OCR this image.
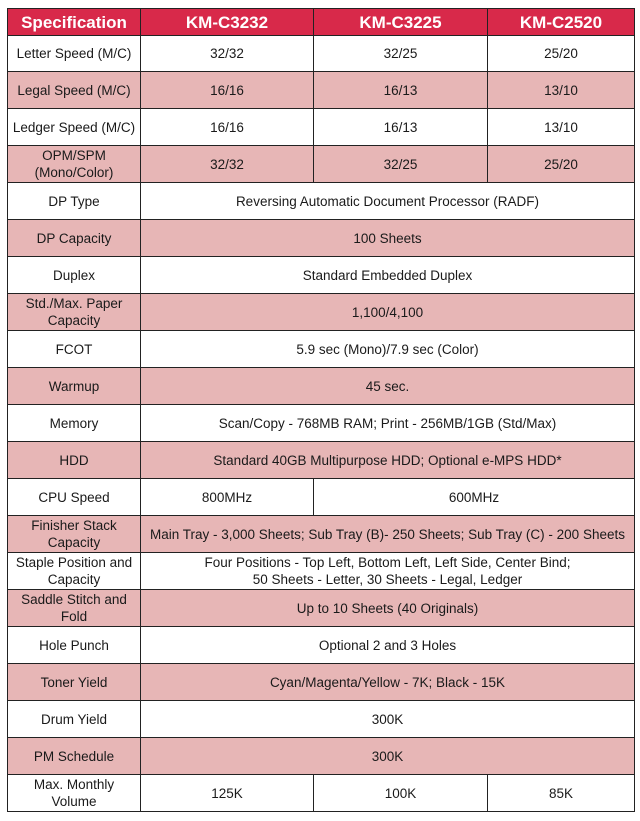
Specification	KM-C3232	KM-C3225	KM-C2520
Letter Speed (M/C)	32/32	32/25	25/20
Legal Speed (M/C)	16/16	16/13	13/10
Ledger Speed (M/C)	16/16	16/13	13/10
OPM/SPM (Mono/Color)	32/32	32/25	25/20
DP Type	Reversing Automatic Document Processor (RADF)		
DP Capacity	100 Sheets		
Duplex	Standard Embedded Duplex		
Std./Max. Paper Capacity	1,100/4,100		
FCOT	5.9 sec (Mono)/7.9 sec (Color)		
Warmup	45 sec.		
Memory	Scan/Copy - 768MB RAM; Print - 256MB/1GB (Std/Max)		
HDD	Standard 40GB Multipurpose HDD; Optional e-MPS HDD*		
CPU Speed	800MHz	600MHz	
Finisher Stack Capacity	Main Tray - 3,000 Sheets; Sub Tray (B)- 250 Sheets; Sub Tray (C) - 200 Sheets		
Staple Position and Capacity	Four Positions - Top Left, Bottom Left, Left Side, Center Bind;
50 Sheets - Letter, 30 Sheets - Legal, Ledger		
Saddle Stitch and Fold	Up to 10 Sheets (40 Originals)		
Hole Punch	Optional 2 and 3 Holes		
Toner Yield	Cyan/Magenta/Yellow - 7K; Black - 15K		
Drum Yield	300K		
PM Schedule	300K		
Max. Monthly Volume	125K	100K	85K
